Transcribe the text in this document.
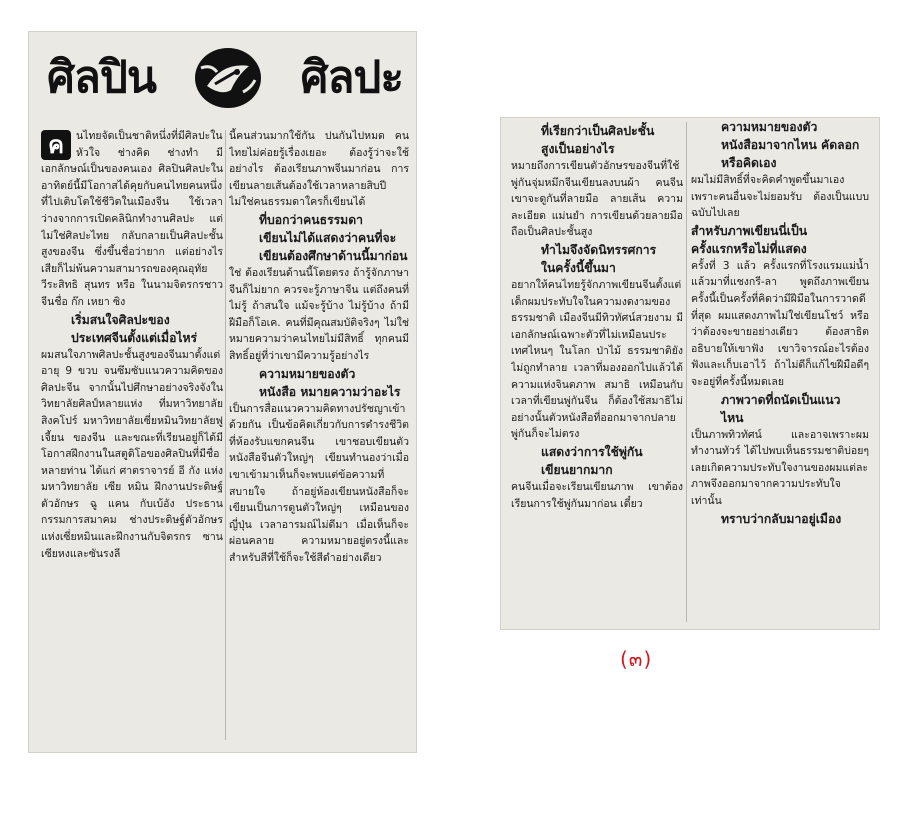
ศิลปิน	ศิลปะ
ค	นไทยจัดเป็นชาติหนึ่งที่มีศิลปะในหัวใจ ช่างคิด ช่างทำ มีเอกลักษณ์เป็นของคนเอง ศิลปินศิลปะในอาทิตย์นี้มีโอกาสได้คุยกับคนไทยคนหนึ่งที่ไปเติบโตใช้ชีวิตในเมืองจีน ใช้เวลาว่างจากการเปิดคลินิกทำงานศิลปะ แต่ไม่ใช่ศิลปะไทย กลับกลายเป็นศิลปะชั้นสูงของจีน ซึ่งขึ้นชื่อว่ายาก แต่อย่างไรเสียก็ไม่พ้นความสามารถของคุณอุทัย วีระสิทธิ สุนทร หรือ ในนามจิตรกรชาวจีนชื่อ ก๊ก เหยา ซิง

เริ่มสนใจศิลปะของ
ประเทศจีนตั้งแต่เมื่อไหร่

ผมสนใจภาพศิลปะชั้นสูงของจีนมาตั้งแต่อายุ 9 ขวบ จนซึมซับแนวความคิดของศิลปะจีน จากนั้นไปศึกษาอย่างจริงจังในวิทยาลัยศิลป์หลายแห่ง ที่มหาวิทยาลัยสิงคโปร์ มหาวิทยาลัยเซี่ยหมินวิทยาลัยฟูเจี้ยน ของจีน และขณะที่เรียนอยู่ก็ได้มีโอกาสฝึกงานในสตูดิโอของศิลปินที่มีชื่อหลายท่าน ได้แก่ ศาตราจารย์ อี กัง แห่งมหาวิทยาลัย เซีย หมิน ฝึกงานประดิษฐ์ตัวอักษร ฉู แคน กับเบ้อัง ประธานกรรมการสมาคม ช่างประดิษฐ์ตัวอักษรแห่งเซี่ยหมินและฝึกงานกับจิตรกร ซาน เซียหงและซันรงลี

นี้คนส่วนมากใช้กัน ปนกันไปหมด คนไทยไม่ค่อยรู้เรื่องเยอะ ต้องรู้ว่าจะใช้อย่างไร ต้องเรียนภาพจีนมาก่อน การเขียนลายเส้นต้องใช้เวลาหลายสิบปี ไม่ใช่คนธรรมดาใครก็เขียนได้

ที่บอกว่าคนธรรมดา
เขียนไม่ได้แสดงว่าคนที่จะ
เขียนต้องศึกษาด้านนี้มาก่อน

ใช่ ต้องเรียนด้านนี้โดยตรง ถ้ารู้จักภาษาจีนก็ไม่ยาก ควรจะรู้ภาษาจีน แต่ถึงคนที่ไม่รู้ ถ้าสนใจ แม้จะรู้บ้าง ไม่รู้บ้าง ถ้ามีฝีมือก็โอเค. คนที่มีคุณสมบัติจริงๆ ไม่ใช่หมายความว่าคนไทยไม่มีสิทธิ์ ทุกคนมีสิทธิ์อยู่ที่ว่าเขามีความรู้อย่างไร

ความหมายของตัว
หนังสือ หมายความว่าอะไร

เป็นการสื่อแนวความคิดทางปรัชญาเข้าด้วยกัน เป็นข้อคิดเกี่ยวกับการดำรงชีวิต ที่ห้องรับแขกคนจีน เขาชอบเขียนตัวหนังสือจีนตัวใหญ่ๆ เขียนทำนองว่าเมื่อเขาเข้ามาเห็นก็จะพบแต่ข้อความที่สบายใจ ถ้าอยู่ห้องเขียนหนังสือก็จะเขียนเป็นการดูนตัวใหญ่ๆ เหมือนของญี่ปุ่น เวลาอารมณ์ไม่ดีมา เมื่อเห็นก็จะผ่อนคลาย ความหมายอยู่ตรงนี้และสำหรับสีที่ใช้ก็จะใช้สีดำอย่างเดียว

ที่เรียกว่าเป็นศิลปะชั้น
สูงเป็นอย่างไร

หมายถึงการเขียนตัวอักษรของจีนที่ใช้พู่กันจุ่มหมึกจีนเขียนลงบนผ้า คนจีนเขาจะดูกันที่ลายมือ ลายเส้น ความละเอียด แม่นยำ การเขียนด้วยลายมือ ถือเป็นศิลปะชั้นสูง

ทำไมจึงจัดนิทรรศการ
ในครั้งนี้ขึ้นมา

อยากให้คนไทยรู้จักภาพเขียนจีนตั้งแต่เด็กผมประทับใจในความงดงามของธรรมชาติ เมืองจีนมีทิวทัศน์สวยงาม มีเอกลักษณ์เฉพาะตัวที่ไม่เหมือนประเทศไหนๆ ในโลก ป่าไม้ ธรรมชาติยังไม่ถูกทำลาย เวลาที่มองออกไปแล้วได้ความแห่งจินตภาพ สมาธิ เหมือนกับเวลาที่เขียนพู่กันจีน ก็ต้องใช้สมาธิไม่อย่างนั้นตัวหนังสือที่ออกมาจากปลายพู่กันก็จะไม่ตรง

แสดงว่าการใช้พู่กัน
เขียนยากมาก

คนจีนเมื่อจะเรียนเขียนภาพ เขาต้องเรียนการใช้พู่กันมาก่อน เดี๋ยว

ความหมายของตัว
หนังสือมาจากไหน คัดลอก
หรือคิดเอง

ผมไม่มีสิทธิ์ที่จะคิดคำพูดขึ้นมาเอง เพราะคนอื่นจะไม่ยอมรับ ต้องเป็นแบบฉบับไปเลย

สำหรับภาพเขียนนี่เป็น
ครั้งแรกหรือไม่ที่แสดง

ครั้งที่ 3 แล้ว ครั้งแรกที่โรงแรมแม่น้ำ แล้วมาที่แชงกรี-ลา พูดถึงภาพเขียน ครั้งนี้เป็นครั้งที่คิดว่ามีฝีมือในการวาดดีที่สุด ผมแสดงภาพไม่ใช่เขียนโชว์ หรือว่าต้องจะขายอย่างเดียว ต้องสาธิตอธิบายให้เขาฟัง เขาวิจารณ์อะไรต้องฟังและเก็บเอาไว้ ถ้าไม่ดีก็แก้ไขฝีมือดีๆ จะอยู่ที่ครั้งนี้หมดเลย

ภาพวาดที่ถนัดเป็นแนว
ไหน

เป็นภาพทิวทัศน์ และอาจเพราะผมทำงานทัวร์ ได้ไปพบเห็นธรรมชาติบ่อยๆ เลยเกิดความประทับใจงานของผมแต่ละภาพจึงออกมาจากความประทับใจเท่านั้น

ทราบว่ากลับมาอยู่เมือง

(๓)
